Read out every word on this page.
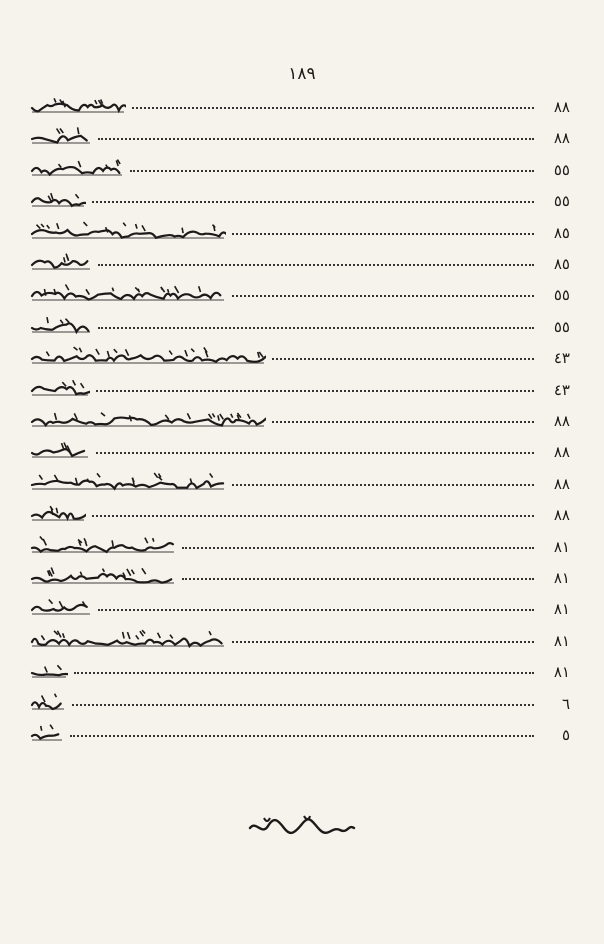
١٨٩
٨٨
٨٨
٥٥
٥٥
٨٥
٨٥
٥٥
٥٥
٤٣
٤٣
٨٨
٨٨
٨٨
٨٨
٨١
٨١
٨١
٨١
٨١
٦
٥
